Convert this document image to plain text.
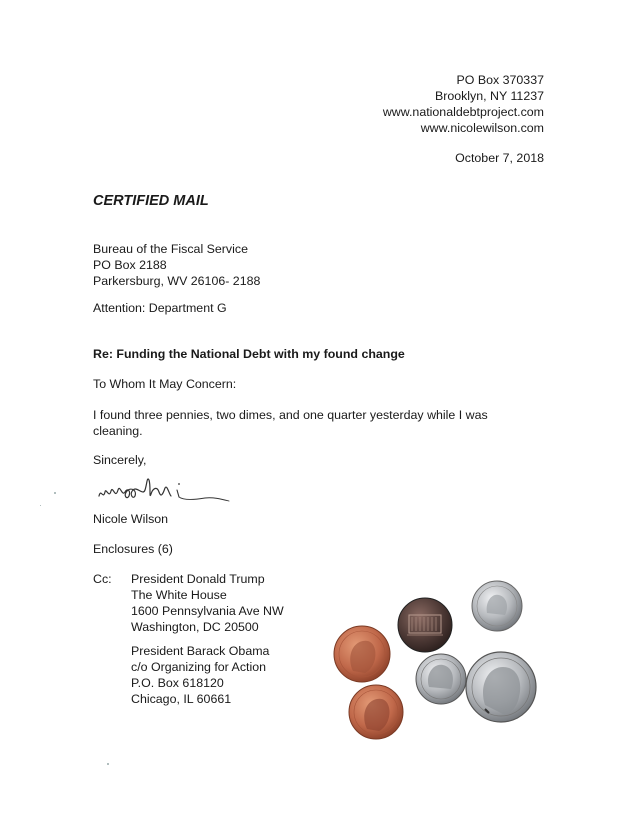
PO Box 370337
Brooklyn, NY 11237
www.nationaldebtproject.com
www.nicolewilson.com
October 7, 2018
CERTIFIED MAIL
Bureau of the Fiscal Service
PO Box 2188
Parkersburg, WV 26106- 2188
Attention: Department G
Re: Funding the National Debt with my found change
To Whom It May Concern:
I found three pennies, two dimes, and one quarter yesterday while I was
cleaning.
Sincerely,
Nicole Wilson
Enclosures (6)
Cc: President Donald Trump
The White House
1600 Pennsylvania Ave NW
Washington, DC 20500
President Barack Obama
c/o Organizing for Action
P.O. Box 618120
Chicago, IL 60661
